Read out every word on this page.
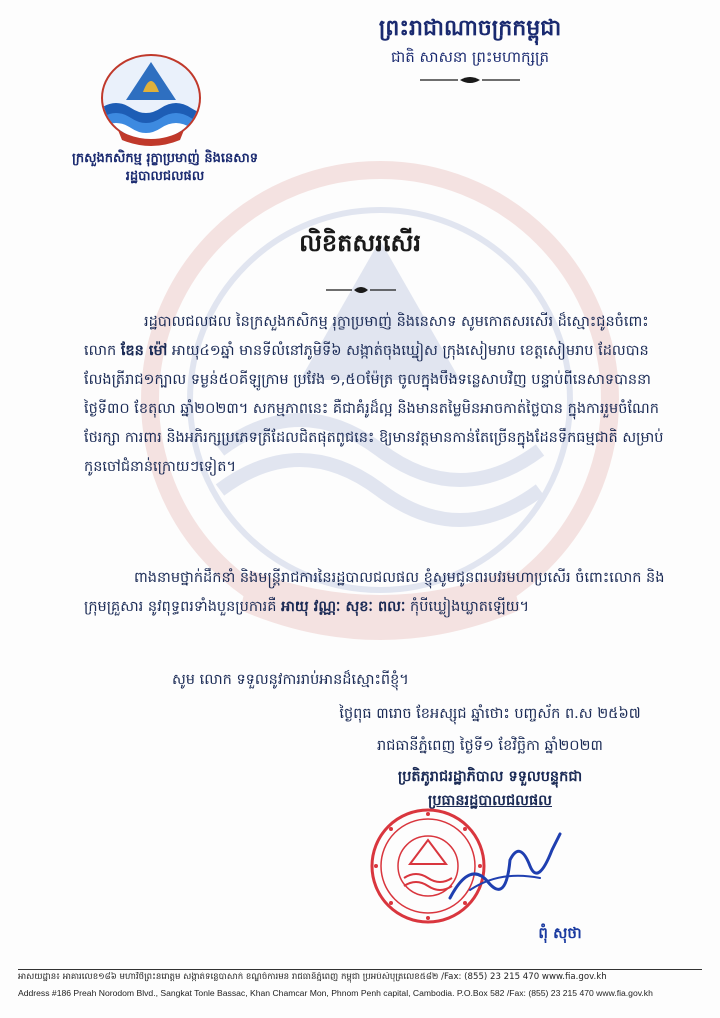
ព្រះរាជាណាចក្រកម្ពុជា
ជាតិ សាសនា ព្រះមហាក្សត្រ
ក្រសួងកសិកម្ម រុក្ខាប្រមាញ់ និងនេសាទ
រដ្ឋបាលជលផល
លិខិតសរសើរ
រដ្ឋបាលជលផល នៃក្រសួងកសិកម្ម រុក្ខាប្រមាញ់ និងនេសាទ សូមកោតសរសើរ ដ៏ស្មោះជូនចំពោះ លោក ឌែន ម៉ៅ អាយុ៤១ឆ្នាំ មានទីលំនៅភូមិទី៦ សង្កាត់ចុងឃ្នៀស ក្រុងសៀមរាប ខេត្តសៀមរាប ដែលបានលែងត្រីរាជ១ក្បាល ទម្ងន់៥០គីឡូក្រាម ប្រវែង ១,៥០ម៉ែត្រ ចូលក្នុងបឹងទន្លេសាបវិញ បន្ទាប់ពីនេសាទបាននាថ្ងៃទី៣០ ខែតុលា ឆ្នាំ២០២៣។ សកម្មភាពនេះ គឺជាគំរូដ៏ល្អ និងមានតម្លៃមិនអាចកាត់ថ្លៃបាន ក្នុងការរួមចំណែកថែរក្សា ការពារ និងអភិរក្សប្រភេទត្រីដែលជិតផុតពូជនេះ ឱ្យមានវត្តមានកាន់តែច្រើនក្នុងដែនទឹកធម្មជាតិ សម្រាប់កូនចៅជំនាន់ក្រោយៗទៀត។
ពាងនាមថ្នាក់ដឹកនាំ និងមន្ត្រីរាជការនៃរដ្ឋបាលជលផល ខ្ញុំសូមជូនពរបវរមហាប្រសើរ ចំពោះលោក និងក្រុមគ្រួសារ នូវពុទ្ធពរទាំងបួនប្រការគឺ អាយុ វណ្ណៈ សុខៈ ពលៈ កុំបីឃ្លៀងឃ្លាតឡើយ។
សូម លោក ទទួលនូវការរាប់អានដ៏ស្មោះពីខ្ញុំ។
ថ្ងៃពុធ ៣រោច ខែអស្សុជ ឆ្នាំថោះ បញ្ចស័ក ព.ស ២៥៦៧
រាជធានីភ្នំពេញ ថ្ងៃទី១ ខែវិច្ឆិកា ឆ្នាំ២០២៣
ប្រតិភូរាជរដ្ឋាភិបាល ទទួលបន្ទុកជា
ប្រធានរដ្ឋបាលជលផល
ពុំ សុថា
អាសយដ្ឋាន៖ អាគារលេខ១៨៦ មហាវិថីព្រះនរោត្តម សង្កាត់ទន្លេបាសាក់ ខណ្ឌចំការមន រាជធានីភ្នំពេញ កម្ពុជា ប្រអប់សំបុត្រលេខ៥៨២ /Fax: (855) 23 215 470 www.fia.gov.kh
Address #186 Preah Norodom Blvd., Sangkat Tonle Bassac, Khan Chamcar Mon, Phnom Penh capital, Cambodia. P.O.Box 582 /Fax: (855) 23 215 470 www.fia.gov.kh
